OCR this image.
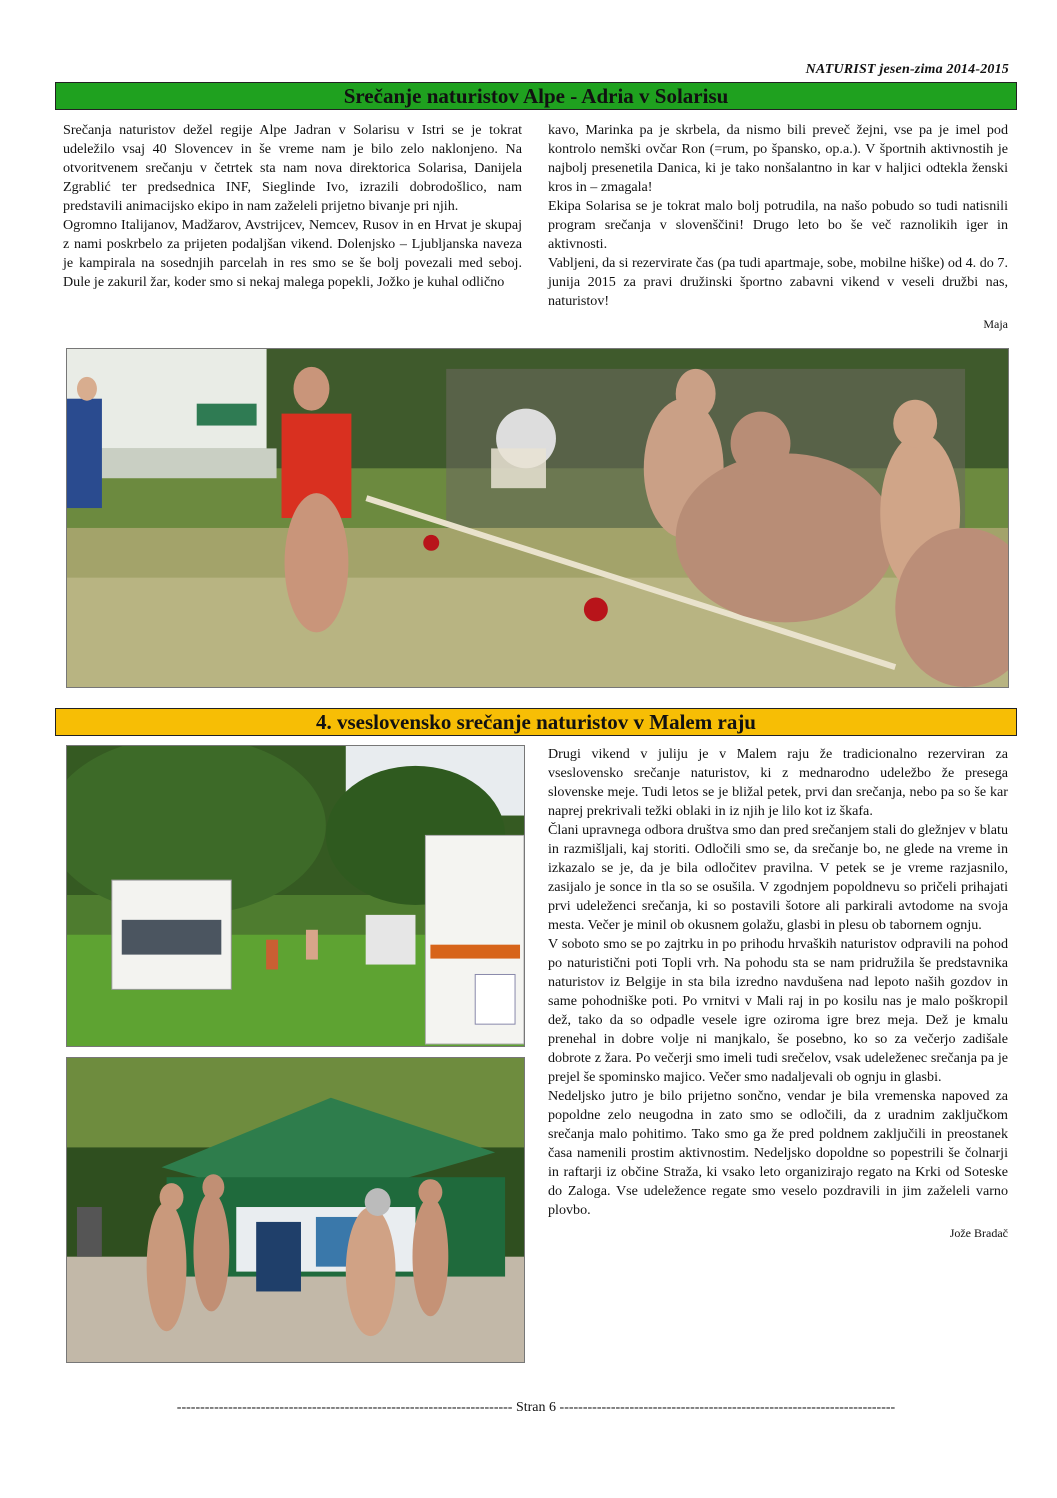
NATURIST jesen-zima 2014-2015
Srečanje naturistov Alpe - Adria v Solarisu

Srečanja naturistov dežel regije Alpe Jadran v Solarisu v Istri se je tokrat udeležilo vsaj 40 Slovencev in še vreme nam je bilo zelo naklonjeno. Na otvoritvenem srečanju v četrtek sta nam nova direktorica Solarisa, Danijela Zgrablić ter predsednica INF, Sieglinde Ivo, izrazili dobrodošlico, nam predstavili animacijsko ekipo in nam zaželeli prijetno bivanje pri njih.

Ogromno Italijanov, Madžarov, Avstrijcev, Nemcev, Rusov in en Hrvat je skupaj z nami poskrbelo za prijeten podaljšan vikend. Dolenjsko – Ljubljanska naveza je kampirala na sosednjih parcelah in res smo se še bolj povezali med seboj. Dule je zakuril žar, koder smo si nekaj malega popekli, Jožko je kuhal odlično

kavo, Marinka pa je skrbela, da nismo bili preveč žejni, vse pa je imel pod kontrolo nemški ovčar Ron (=rum, po špansko, op.a.). V športnih aktivnostih je najbolj presenetila Danica, ki je tako nonšalantno in kar v haljici odtekla ženski kros in – zmagala!

Ekipa Solarisa se je tokrat malo bolj potrudila, na našo pobudo so tudi natisnili program srečanja v slovenščini! Drugo leto bo še več raznolikih iger in aktivnosti.

Vabljeni, da si rezervirate čas (pa tudi apartmaje, sobe, mobilne hiške) od 4. do 7. junija 2015 za pravi družinski športno zabavni vikend v veseli družbi nas, naturistov!

Maja
4. vseslovensko srečanje naturistov v Malem raju

Drugi vikend v juliju je v Malem raju že tradicionalno rezerviran za vseslovensko srečanje naturistov, ki z mednarodno udeležbo že presega slovenske meje. Tudi letos se je bližal petek, prvi dan srečanja, nebo pa so še kar naprej prekrivali težki oblaki in iz njih je lilo kot iz škafa.

Člani upravnega odbora društva smo dan pred srečanjem stali do gležnjev v blatu in razmišljali, kaj storiti. Odločili smo se, da srečanje bo, ne glede na vreme in izkazalo se je, da je bila odločitev pravilna. V petek se je vreme razjasnilo, zasijalo je sonce in tla so se osušila. V zgodnjem popoldnevu so pričeli prihajati prvi udeleženci srečanja, ki so postavili šotore ali parkirali avtodome na svoja mesta. Večer je minil ob okusnem golažu, glasbi in plesu ob tabornem ognju.

V soboto smo se po zajtrku in po prihodu hrvaških naturistov odpravili na pohod po naturistični poti Topli vrh. Na pohodu sta se nam pridružila še predstavnika naturistov iz Belgije in sta bila izredno navdušena nad lepoto naših gozdov in same pohodniške poti. Po vrnitvi v Mali raj in po kosilu nas je malo poškropil dež, tako da so odpadle vesele igre oziroma igre brez meja. Dež je kmalu prenehal in dobre volje ni manjkalo, še posebno, ko so za večerjo zadišale dobrote z žara. Po večerji smo imeli tudi srečelov, vsak udeleženec srečanja pa je prejel še spominsko majico. Večer smo nadaljevali ob ognju in glasbi.

Nedeljsko jutro je bilo prijetno sončno, vendar je bila vremenska napoved za popoldne zelo neugodna in zato smo se odločili, da z uradnim zaključkom srečanja malo pohitimo. Tako smo ga že pred poldnem zaključili in preostanek časa namenili prostim aktivnostim. Nedeljsko dopoldne so popestrili še čolnarji in raftarji iz občine Straža, ki vsako leto organizirajo regato na Krki od Soteske do Zaloga. Vse udeležence regate smo veselo pozdravili in jim zaželeli varno plovbo.

Jože Bradač
------------------------------------------------------------------------ Stran 6 ------------------------------------------------------------------------
